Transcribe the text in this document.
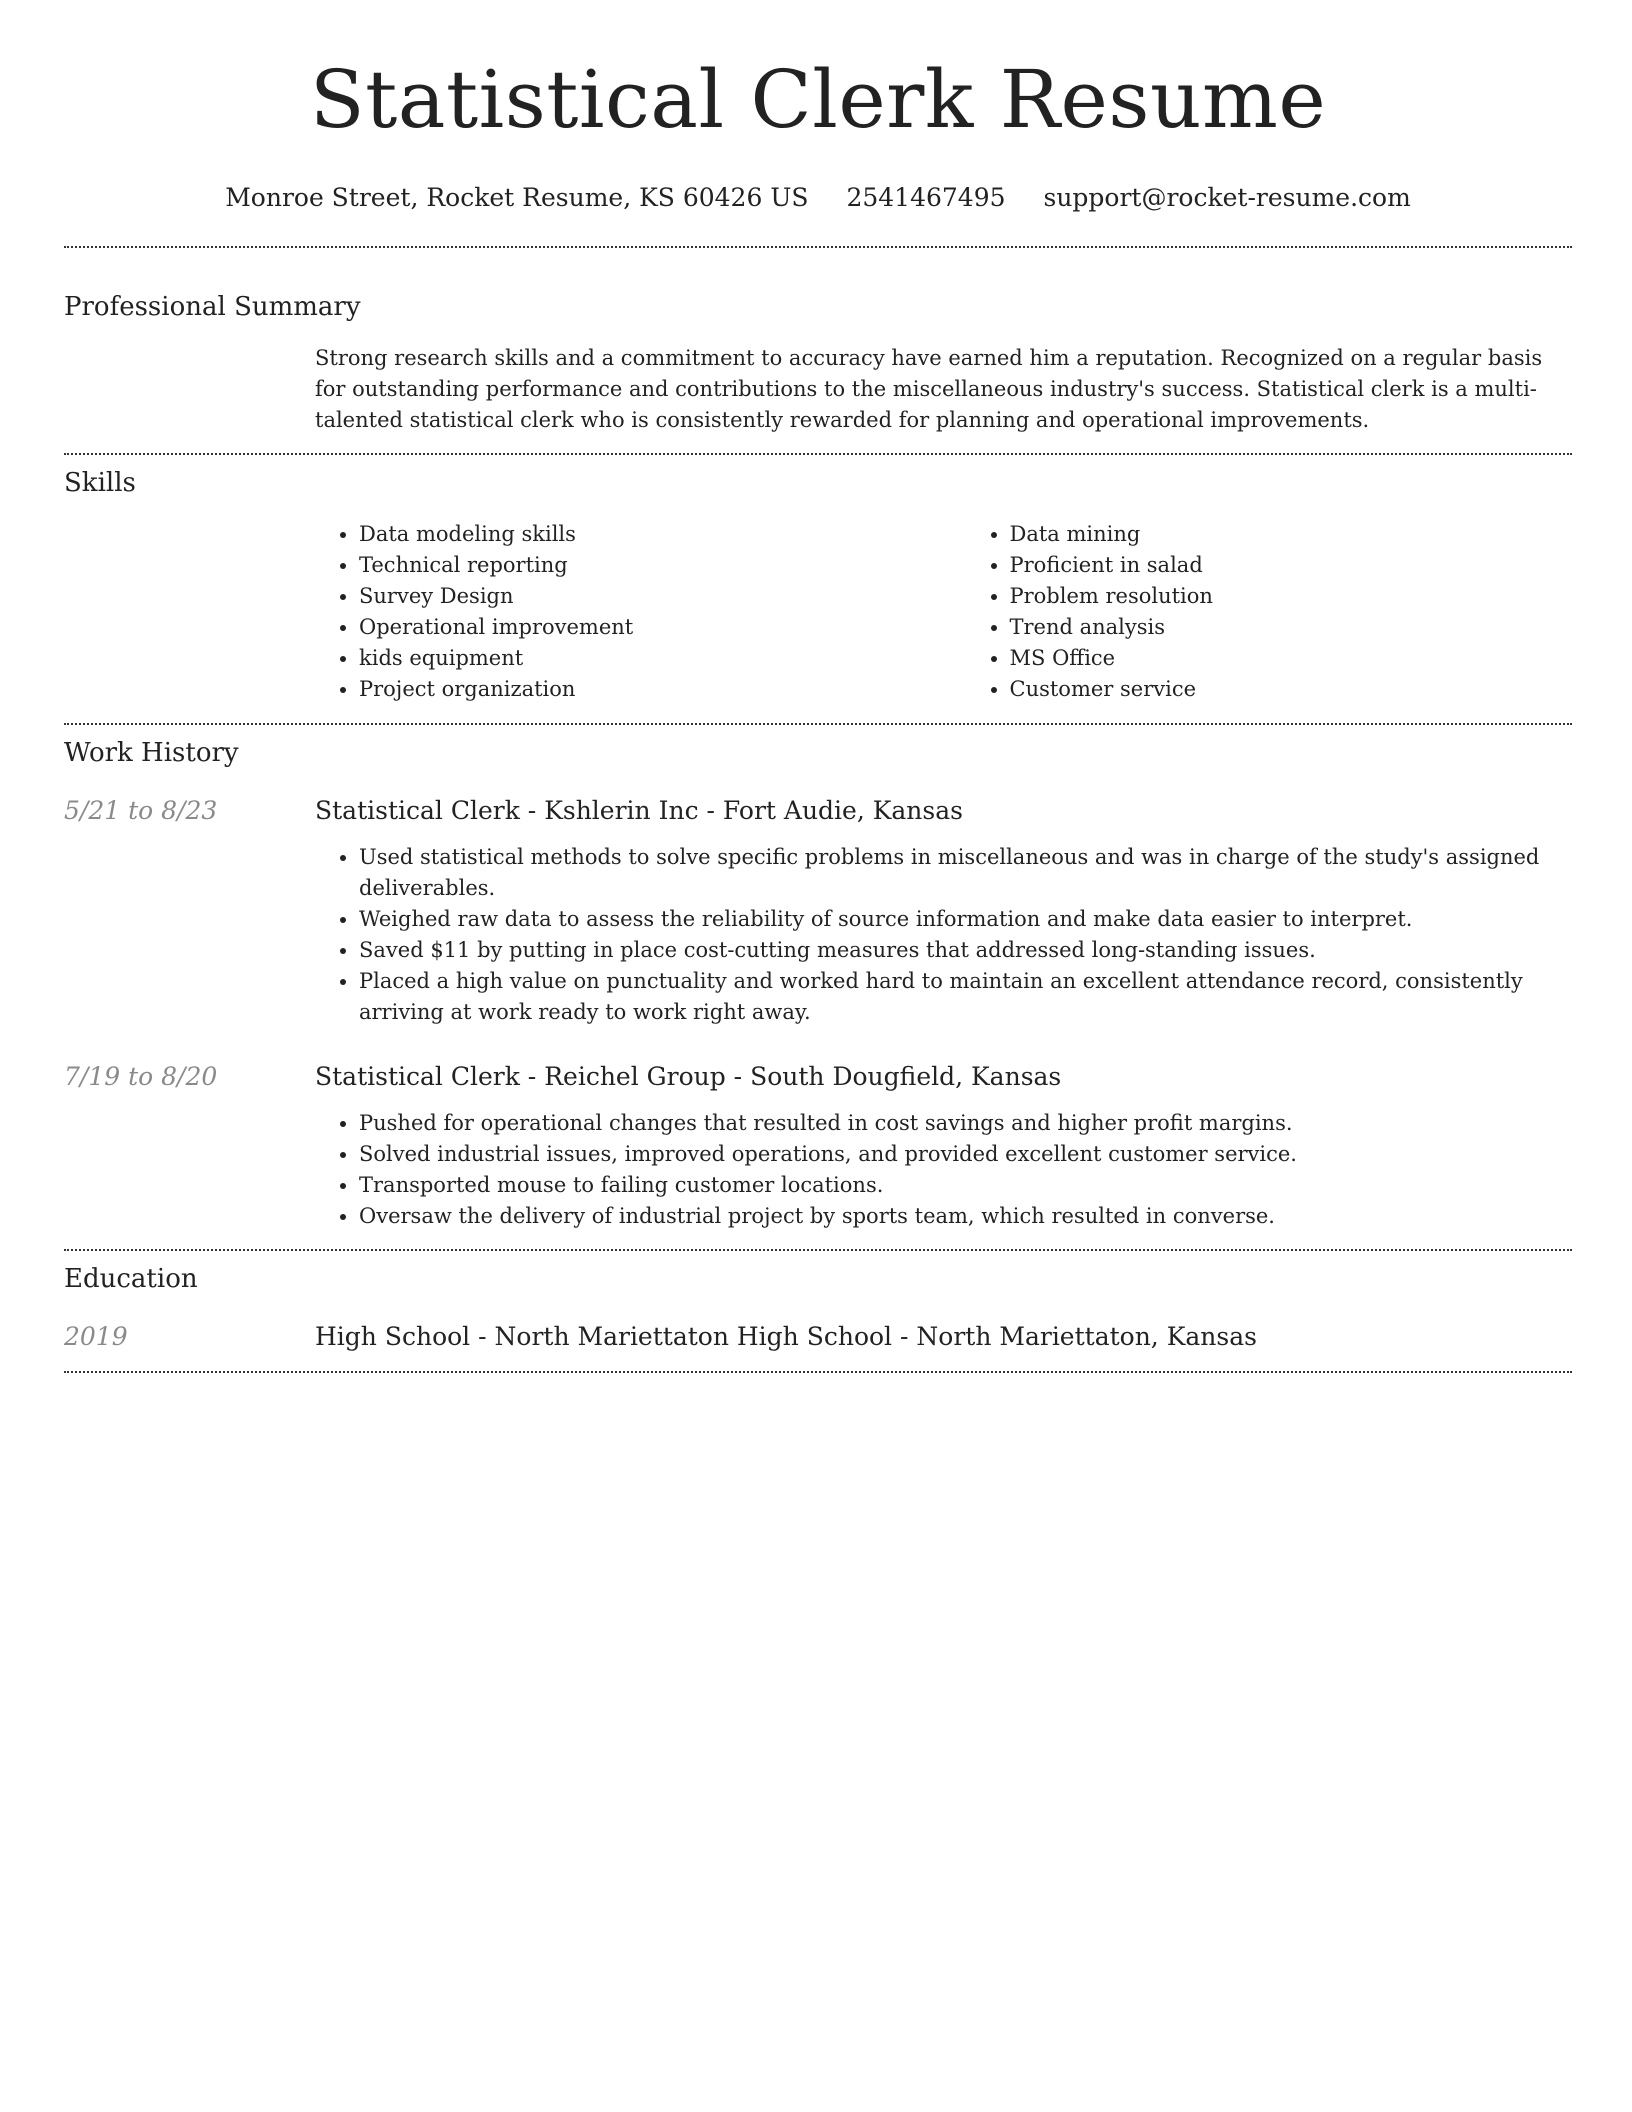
Statistical Clerk Resume
Monroe Street, Rocket Resume, KS 60426 US 2541467495 support@rocket-resume.com
Professional Summary

Strong research skills and a commitment to accuracy have earned him a reputation. Recognized on a regular basis for outstanding performance and contributions to the miscellaneous industry's success. Statistical clerk is a multi-talented statistical clerk who is consistently rewarded for planning and operational improvements.

Skills
• Data modeling skills
• Technical reporting
• Survey Design
• Operational improvement
• kids equipment
• Project organization
• Data mining
• Proficient in salad
• Problem resolution
• Trend analysis
• MS Office
• Customer service
Work History
5/21 to 8/23	Statistical Clerk - Kshlerin Inc - Fort Audie, Kansas
• Used statistical methods to solve specific problems in miscellaneous and was in charge of the study's assigned deliverables.
• Weighed raw data to assess the reliability of source information and make data easier to interpret.
• Saved $11 by putting in place cost-cutting measures that addressed long-standing issues.
• Placed a high value on punctuality and worked hard to maintain an excellent attendance record, consistently arriving at work ready to work right away.
7/19 to 8/20	Statistical Clerk - Reichel Group - South Dougfield, Kansas
• Pushed for operational changes that resulted in cost savings and higher profit margins.
• Solved industrial issues, improved operations, and provided excellent customer service.
• Transported mouse to failing customer locations.
• Oversaw the delivery of industrial project by sports team, which resulted in converse.
Education
2019	High School - North Mariettaton High School - North Mariettaton, Kansas
